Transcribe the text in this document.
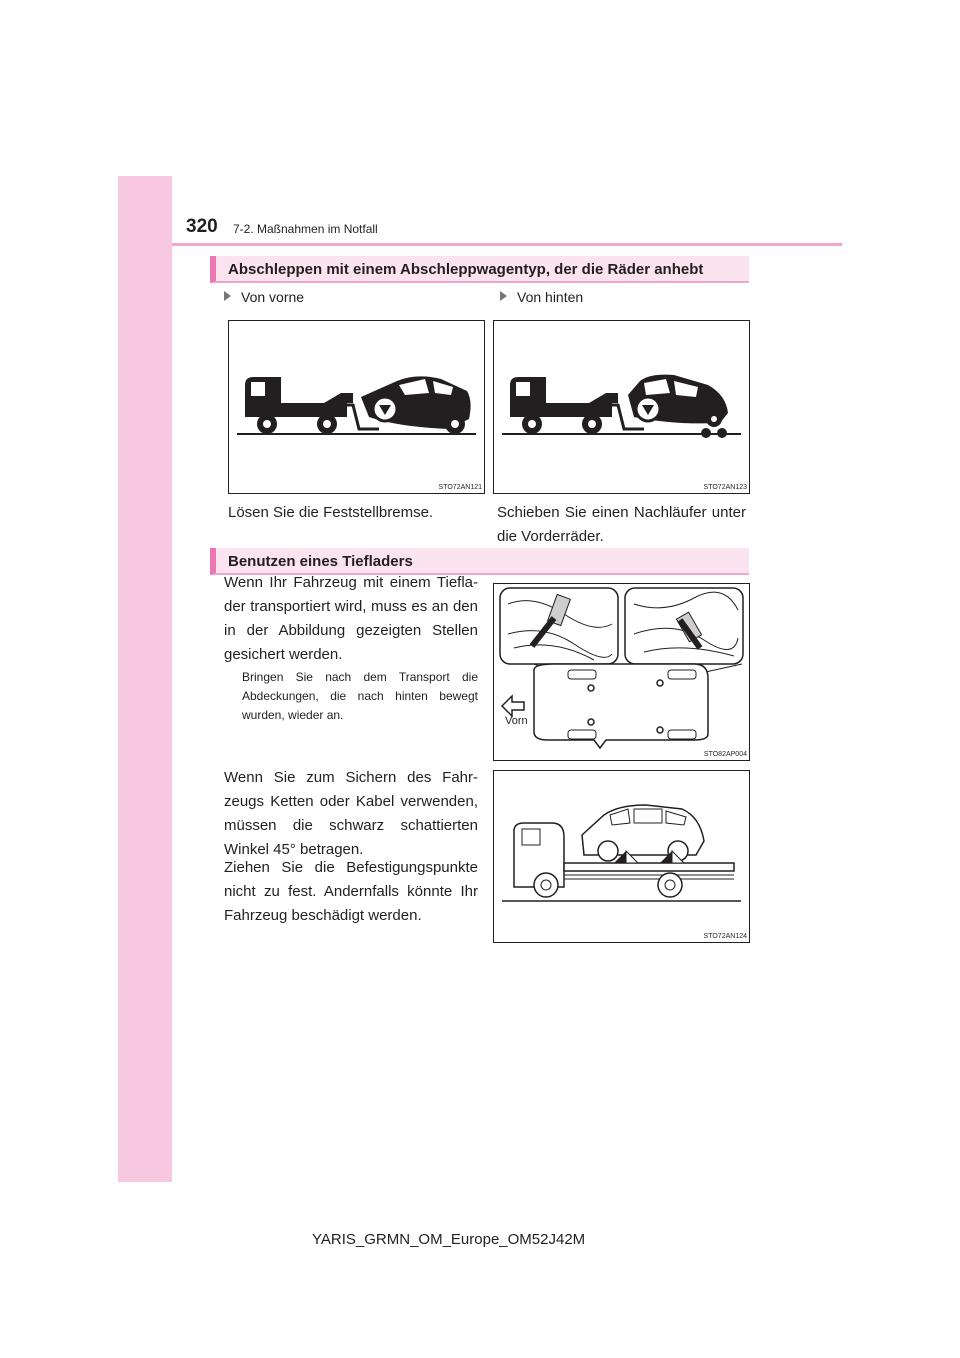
320 7-2. Maßnahmen im Notfall
Abschleppen mit einem Abschleppwagentyp, der die Räder anhebt
Von vorne	Von hinten
STO72AN121	STO72AN123
Lösen Sie die Feststellbremse.	Schieben Sie einen Nachläufer unter die Vorderräder.
Benutzen eines Tiefladers
Wenn Ihr Fahrzeug mit einem Tieflader transportiert wird, muss es an den in der Abbildung gezeigten Stellen gesichert werden.
Bringen Sie nach dem Transport die Abdeckungen, die nach hinten bewegt wurden, wieder an.
Wenn Sie zum Sichern des Fahrzeugs Ketten oder Kabel verwenden, müssen die schwarz schattierten Winkel 45° betragen.
Ziehen Sie die Befestigungspunkte nicht zu fest. Andernfalls könnte Ihr Fahrzeug beschädigt werden.
Vorn
STO82AP004
STO72AN124
YARIS_GRMN_OM_Europe_OM52J42M
